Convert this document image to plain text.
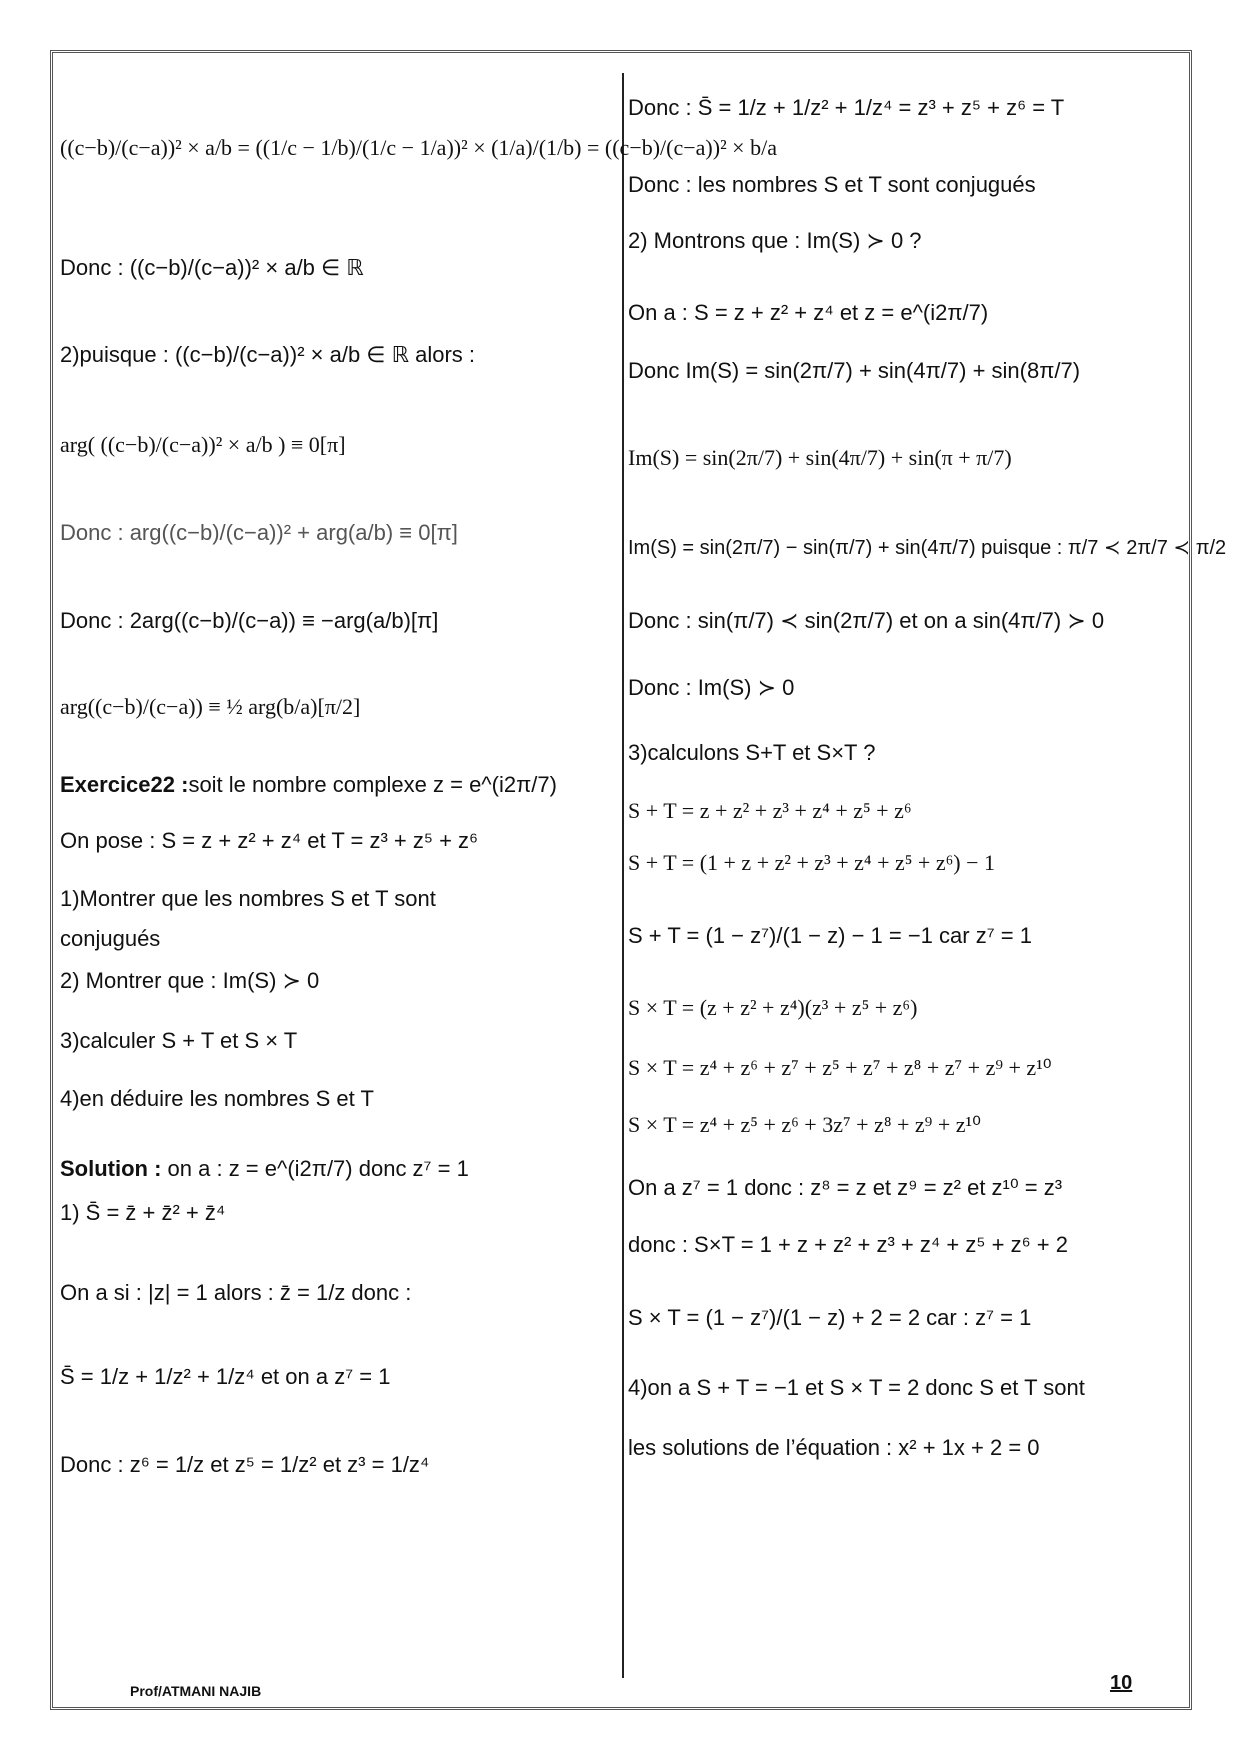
((c−b)/(c−a))² × a/b = ((1/c − 1/b)/(1/c − 1/a))² × (1/a)/(1/b) = ((c−b)/(c−a))² × b/a
Donc : ((c−b)/(c−a))² × a/b ∈ ℝ
2)puisque : ((c−b)/(c−a))² × a/b ∈ ℝ alors :
arg( ((c−b)/(c−a))² × a/b ) ≡ 0[π]
Donc : arg((c−b)/(c−a))² + arg(a/b) ≡ 0[π]
Donc : 2arg((c−b)/(c−a)) ≡ −arg(a/b)[π]
arg((c−b)/(c−a)) ≡ ½ arg(b/a)[π/2]
Exercice22 :soit le nombre complexe z = e^(i2π/7)
On pose : S = z + z² + z⁴ et T = z³ + z⁵ + z⁶
1)Montrer que les nombres S et T sont
conjugués
2) Montrer que : Im(S) ≻ 0
3)calculer S + T et S × T
4)en déduire les nombres S et T
Solution : on a : z = e^(i2π/7) donc z⁷ = 1
1) S̄ = z̄ + z̄² + z̄⁴
On a si : |z| = 1 alors : z̄ = 1/z donc :
S̄ = 1/z + 1/z² + 1/z⁴ et on a z⁷ = 1
Donc : z⁶ = 1/z et z⁵ = 1/z² et z³ = 1/z⁴
Donc : S̄ = 1/z + 1/z² + 1/z⁴ = z³ + z⁵ + z⁶ = T
Donc : les nombres S et T sont conjugués
2) Montrons que : Im(S) ≻ 0 ?
On a : S = z + z² + z⁴ et z = e^(i2π/7)
Donc Im(S) = sin(2π/7) + sin(4π/7) + sin(8π/7)
Im(S) = sin(2π/7) + sin(4π/7) + sin(π + π/7)
Im(S) = sin(2π/7) − sin(π/7) + sin(4π/7) puisque : π/7 ≺ 2π/7 ≺ π/2
Donc : sin(π/7) ≺ sin(2π/7) et on a sin(4π/7) ≻ 0
Donc : Im(S) ≻ 0
3)calculons S+T et S×T ?
S + T = z + z² + z³ + z⁴ + z⁵ + z⁶
S + T = (1 + z + z² + z³ + z⁴ + z⁵ + z⁶) − 1
S + T = (1 − z⁷)/(1 − z) − 1 = −1 car z⁷ = 1
S × T = (z + z² + z⁴)(z³ + z⁵ + z⁶)
S × T = z⁴ + z⁶ + z⁷ + z⁵ + z⁷ + z⁸ + z⁷ + z⁹ + z¹⁰
S × T = z⁴ + z⁵ + z⁶ + 3z⁷ + z⁸ + z⁹ + z¹⁰
On a z⁷ = 1 donc : z⁸ = z et z⁹ = z² et z¹⁰ = z³
donc : S×T = 1 + z + z² + z³ + z⁴ + z⁵ + z⁶ + 2
S × T = (1 − z⁷)/(1 − z) + 2 = 2 car : z⁷ = 1
4)on a S + T = −1 et S × T = 2 donc S et T sont
les solutions de l’équation : x² + 1x + 2 = 0
Prof/ATMANI NAJIB	10
